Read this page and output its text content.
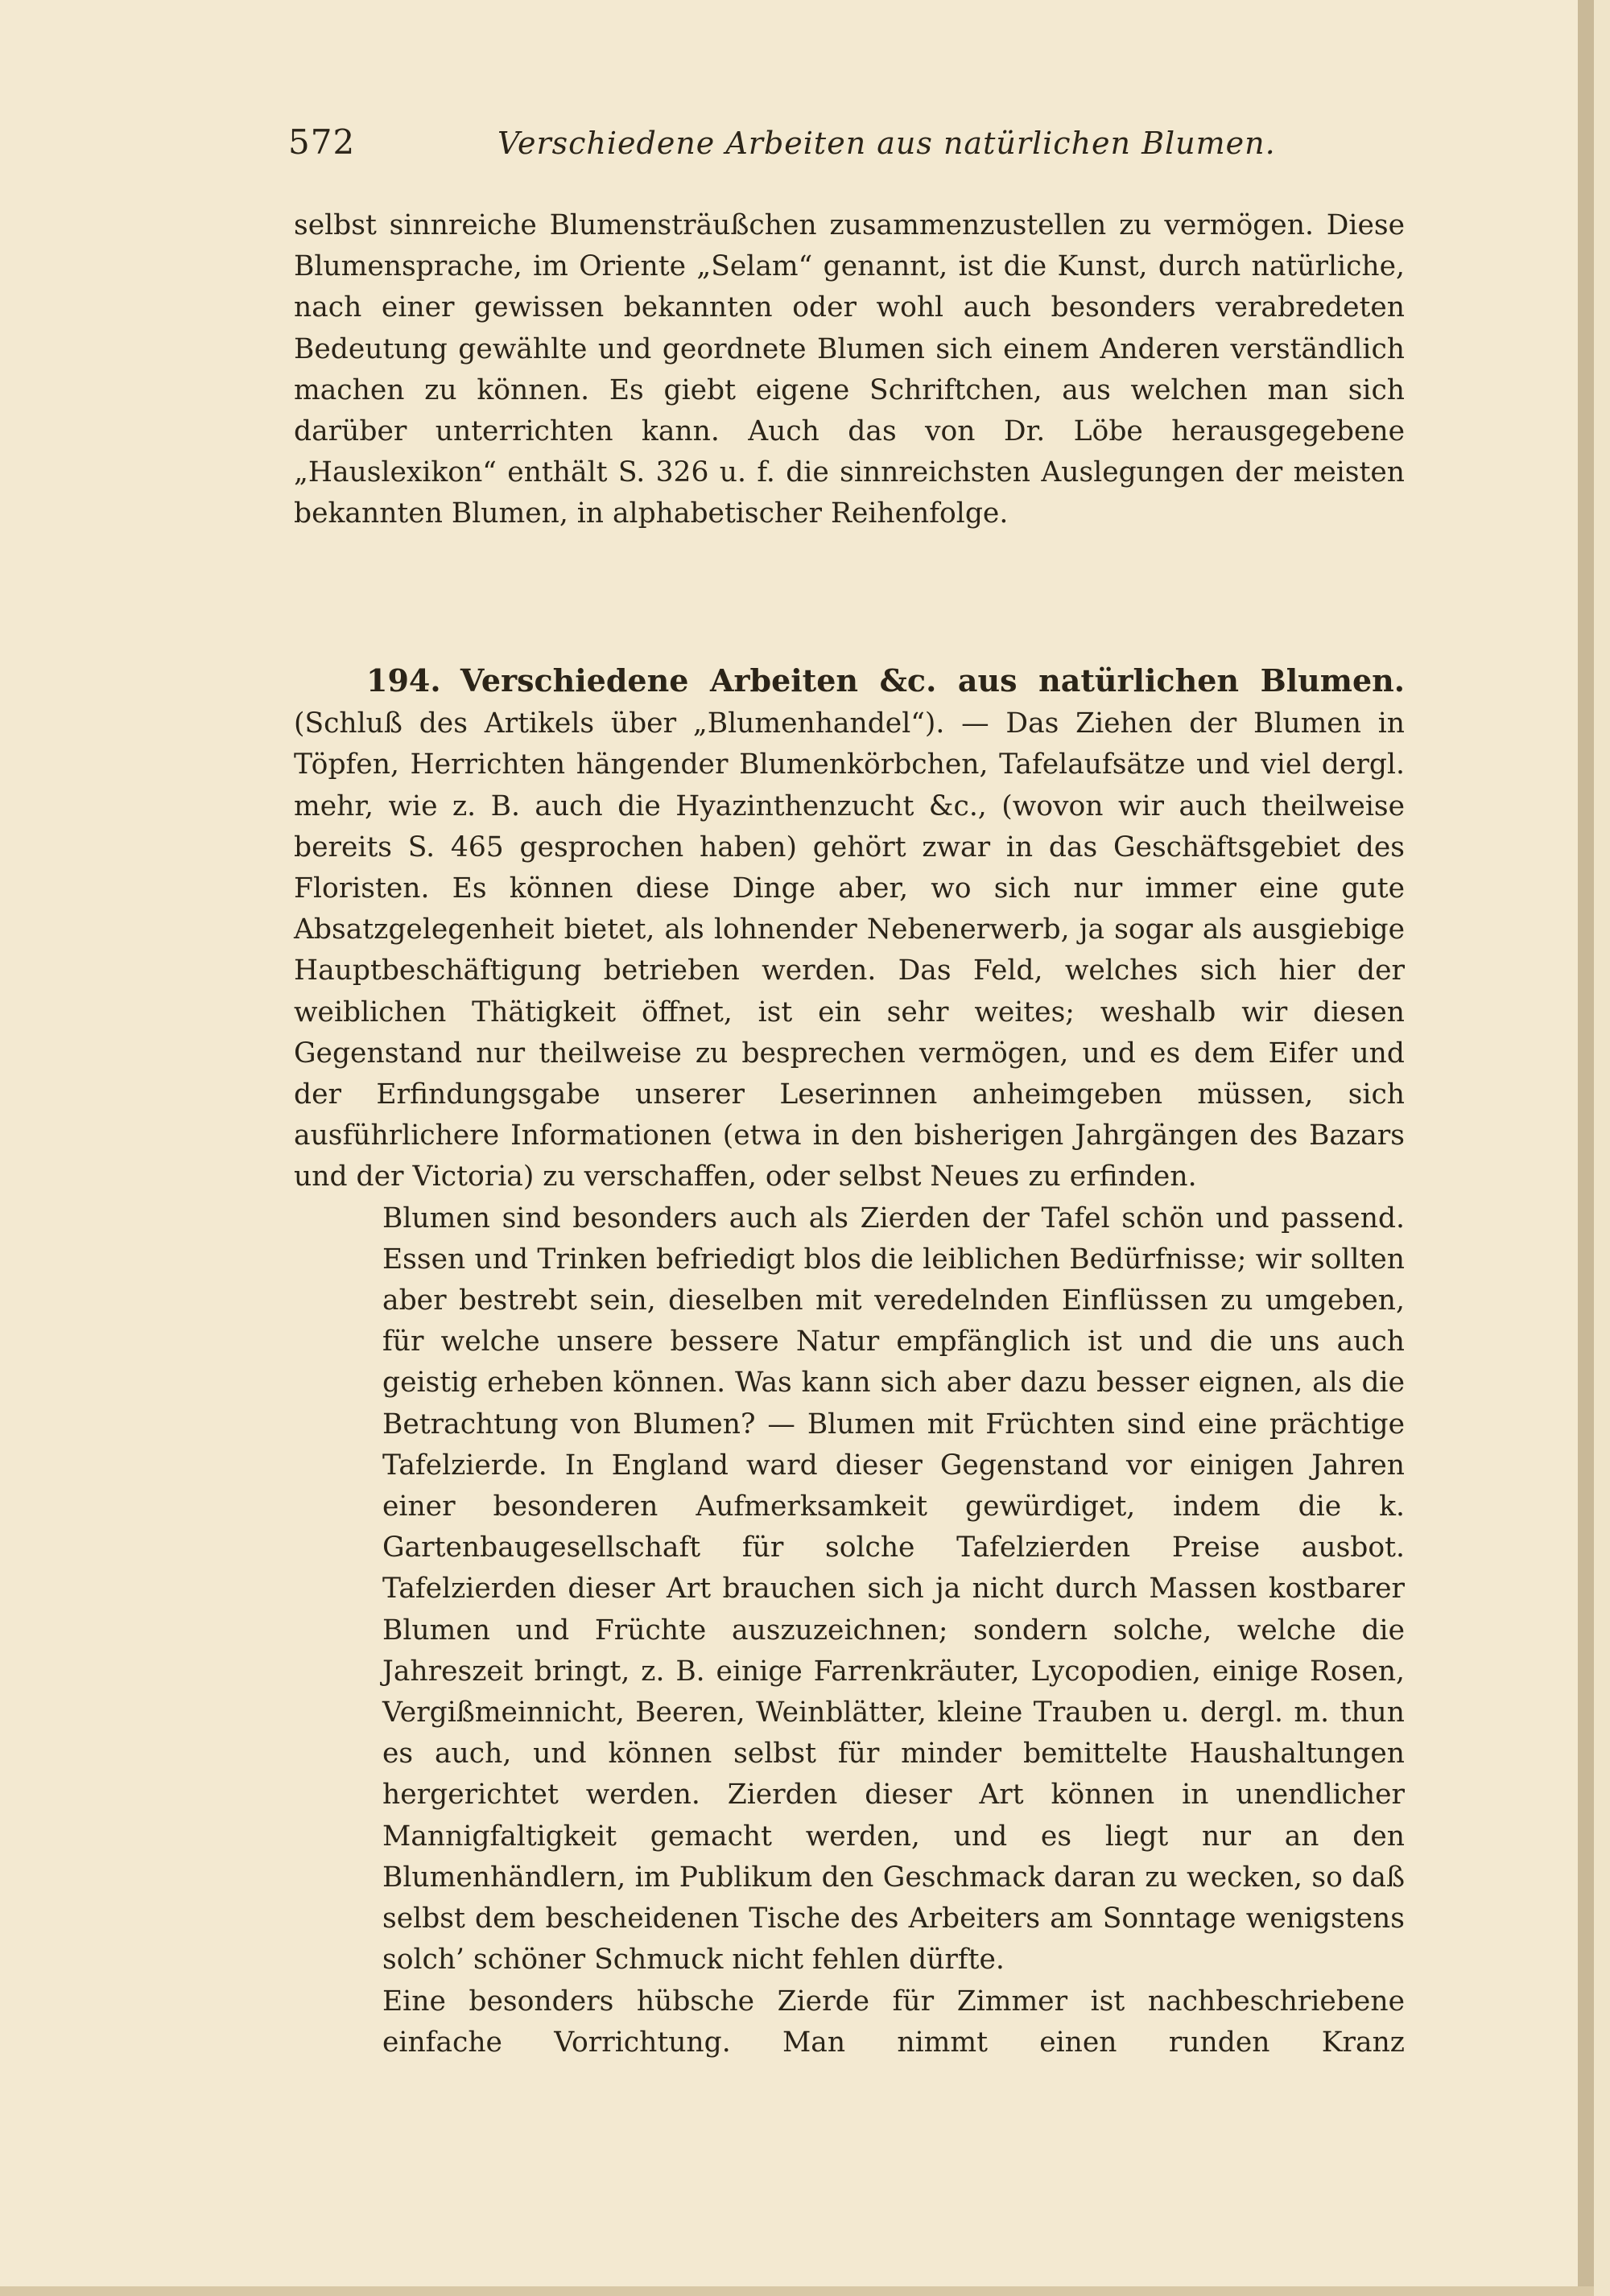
572	Verschiedene Arbeiten aus natürlichen Blumen.

selbst sinnreiche Blumensträußchen zusammenzustellen zu vermögen. Diese Blumensprache, im Oriente „Selam“ genannt, ist die Kunst, durch natürliche, nach einer gewissen bekannten oder wohl auch besonders verabredeten Bedeutung gewählte und geordnete Blumen sich einem Anderen verständlich machen zu können. Es giebt eigene Schriftchen, aus welchen man sich darüber unterrichten kann. Auch das von Dr. Löbe herausgegebene „Hauslexikon“ enthält S. 326 u. f. die sinnreichsten Auslegungen der meisten bekannten Blumen, in alphabetischer Reihenfolge.

194. Verschiedene Arbeiten &c. aus natürlichen Blumen. (Schluß des Artikels über „Blumenhandel“). — Das Ziehen der Blumen in Töpfen, Herrichten hängender Blumenkörbchen, Tafelaufsätze und viel dergl. mehr, wie z. B. auch die Hyazinthenzucht &c., (wovon wir auch theilweise bereits S. 465 gesprochen haben) gehört zwar in das Geschäftsgebiet des Floristen. Es können diese Dinge aber, wo sich nur immer eine gute Absatzgelegenheit bietet, als lohnender Nebenerwerb, ja sogar als ausgiebige Hauptbeschäftigung betrieben werden. Das Feld, welches sich hier der weiblichen Thätigkeit öffnet, ist ein sehr weites; weshalb wir diesen Gegenstand nur theilweise zu besprechen vermögen, und es dem Eifer und der Erfindungsgabe unserer Leserinnen anheimgeben müssen, sich ausführlichere Informationen (etwa in den bisherigen Jahrgängen des Bazars und der Victoria) zu verschaffen, oder selbst Neues zu erfinden.

Blumen sind besonders auch als Zierden der Tafel schön und passend. Essen und Trinken befriedigt blos die leiblichen Bedürfnisse; wir sollten aber bestrebt sein, dieselben mit veredelnden Einflüssen zu umgeben, für welche unsere bessere Natur empfänglich ist und die uns auch geistig erheben können. Was kann sich aber dazu besser eignen, als die Betrachtung von Blumen? — Blumen mit Früchten sind eine prächtige Tafelzierde. In England ward dieser Gegenstand vor einigen Jahren einer besonderen Aufmerksamkeit gewürdiget, indem die k. Gartenbaugesellschaft für solche Tafelzierden Preise ausbot. Tafelzierden dieser Art brauchen sich ja nicht durch Massen kostbarer Blumen und Früchte auszuzeichnen; sondern solche, welche die Jahreszeit bringt, z. B. einige Farrenkräuter, Lycopodien, einige Rosen, Vergißmeinnicht, Beeren, Weinblätter, kleine Trauben u. dergl. m. thun es auch, und können selbst für minder bemittelte Haushaltungen hergerichtet werden. Zierden dieser Art können in unendlicher Mannigfaltigkeit gemacht werden, und es liegt nur an den Blumenhändlern, im Publikum den Geschmack daran zu wecken, so daß selbst dem bescheidenen Tische des Arbeiters am Sonntage wenigstens solch’ schöner Schmuck nicht fehlen dürfte.

Eine besonders hübsche Zierde für Zimmer ist nachbeschriebene einfache Vorrichtung. Man nimmt einen runden Kranz
